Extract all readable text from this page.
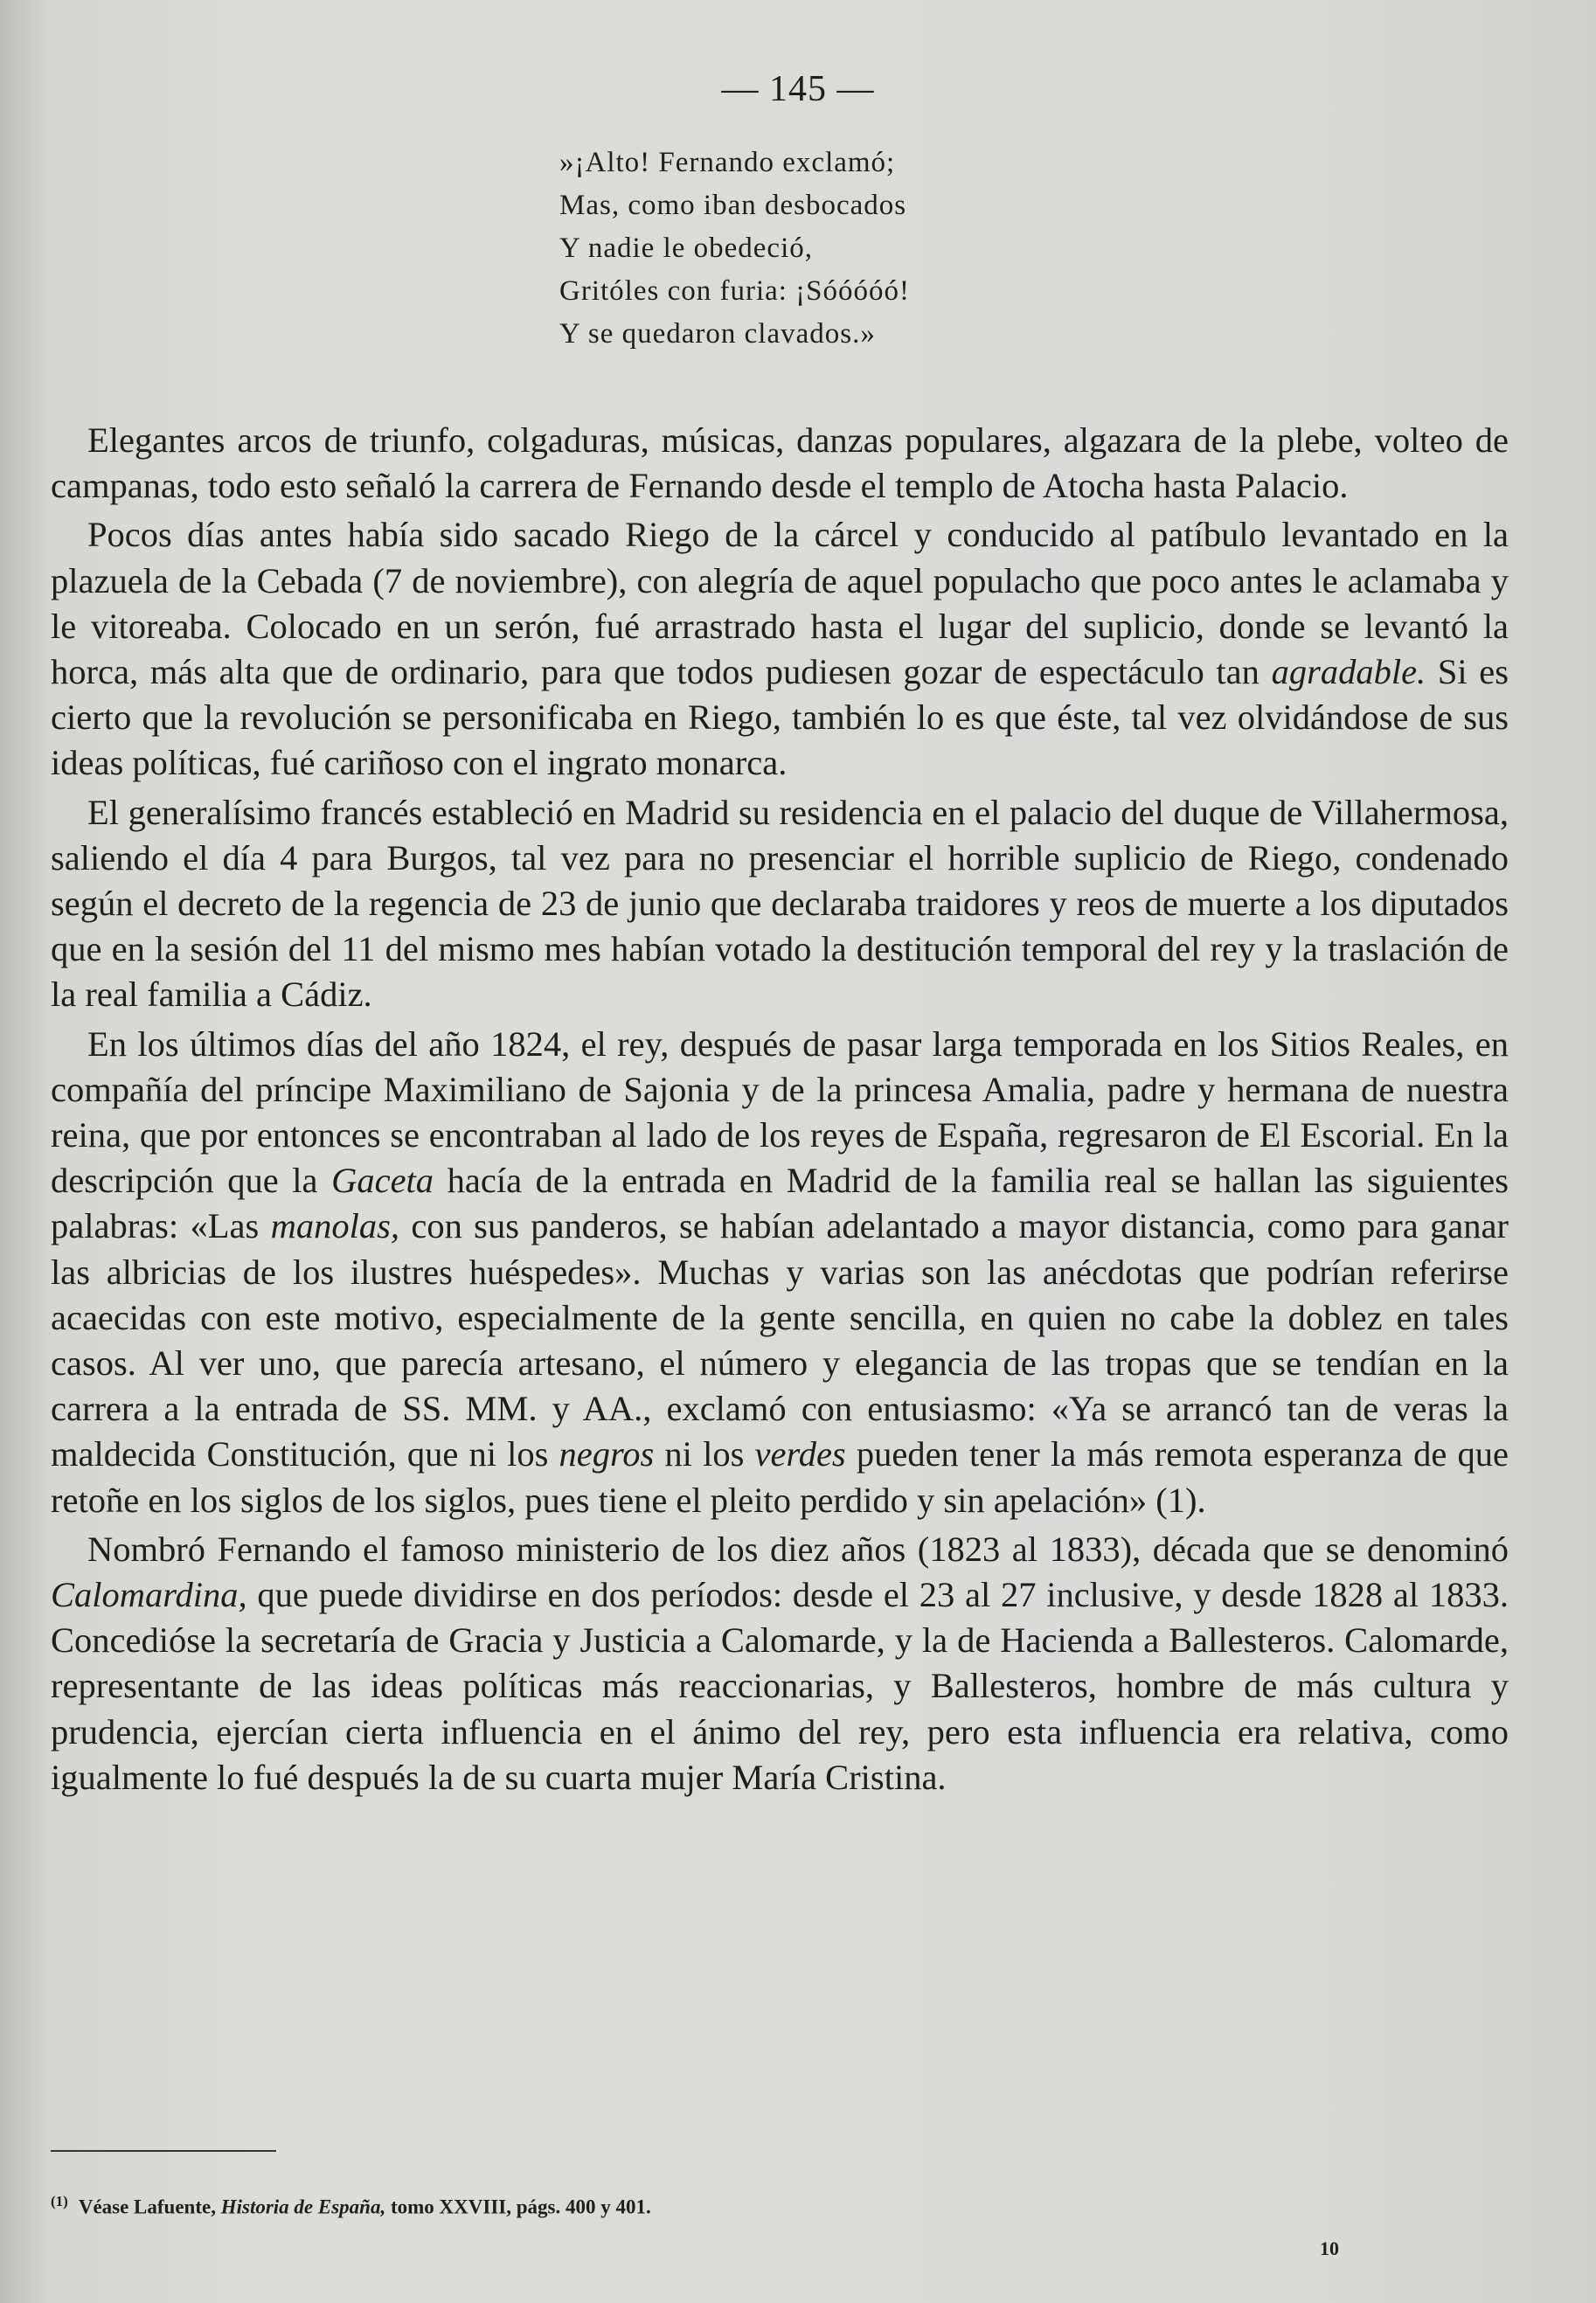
— 145 —
»¡Alto! Fernando exclamó;
Mas, como iban desbocados
Y nadie le obedeció,
Gritóles con furia: ¡Sóóóóó!
Y se quedaron clavados.»

Elegantes arcos de triunfo, colgaduras, músicas, danzas populares, algazara de la plebe, volteo de campanas, todo esto señaló la carrera de Fernando desde el templo de Atocha hasta Palacio.

Pocos días antes había sido sacado Riego de la cárcel y conducido al patíbulo levantado en la plazuela de la Cebada (7 de noviembre), con alegría de aquel populacho que poco antes le aclamaba y le vitoreaba. Colocado en un serón, fué arrastrado hasta el lugar del suplicio, donde se levantó la horca, más alta que de ordinario, para que todos pudiesen gozar de espectáculo tan agradable. Si es cierto que la revolución se personificaba en Riego, también lo es que éste, tal vez olvidándose de sus ideas políticas, fué cariñoso con el ingrato monarca.

El generalísimo francés estableció en Madrid su residencia en el palacio del duque de Villahermosa, saliendo el día 4 para Burgos, tal vez para no presenciar el horrible suplicio de Riego, condenado según el decreto de la regencia de 23 de junio que declaraba traidores y reos de muerte a los diputados que en la sesión del 11 del mismo mes habían votado la destitución temporal del rey y la traslación de la real familia a Cádiz.

En los últimos días del año 1824, el rey, después de pasar larga temporada en los Sitios Reales, en compañía del príncipe Maximiliano de Sajonia y de la princesa Amalia, padre y hermana de nuestra reina, que por entonces se encontraban al lado de los reyes de España, regresaron de El Escorial. En la descripción que la Gaceta hacía de la entrada en Madrid de la familia real se hallan las siguientes palabras: «Las manolas, con sus panderos, se habían adelantado a mayor distancia, como para ganar las albricias de los ilustres huéspedes». Muchas y varias son las anécdotas que podrían referirse acaecidas con este motivo, especialmente de la gente sencilla, en quien no cabe la doblez en tales casos. Al ver uno, que parecía artesano, el número y elegancia de las tropas que se tendían en la carrera a la entrada de SS. MM. y AA., exclamó con entusiasmo: «Ya se arrancó tan de veras la maldecida Constitución, que ni los negros ni los verdes pueden tener la más remota esperanza de que retoñe en los siglos de los siglos, pues tiene el pleito perdido y sin apelación» (1).

Nombró Fernando el famoso ministerio de los diez años (1823 al 1833), década que se denominó Calomardina, que puede dividirse en dos períodos: desde el 23 al 27 inclusive, y desde 1828 al 1833. Concedióse la secretaría de Gracia y Justicia a Calomarde, y la de Hacienda a Ballesteros. Calomarde, representante de las ideas políticas más reaccionarias, y Ballesteros, hombre de más cultura y prudencia, ejercían cierta influencia en el ánimo del rey, pero esta influencia era relativa, como igualmente lo fué después la de su cuarta mujer María Cristina.

$^{(1)}$ Véase Lafuente, Historia de España, tomo XXVIII, págs. 400 y 401.
10
